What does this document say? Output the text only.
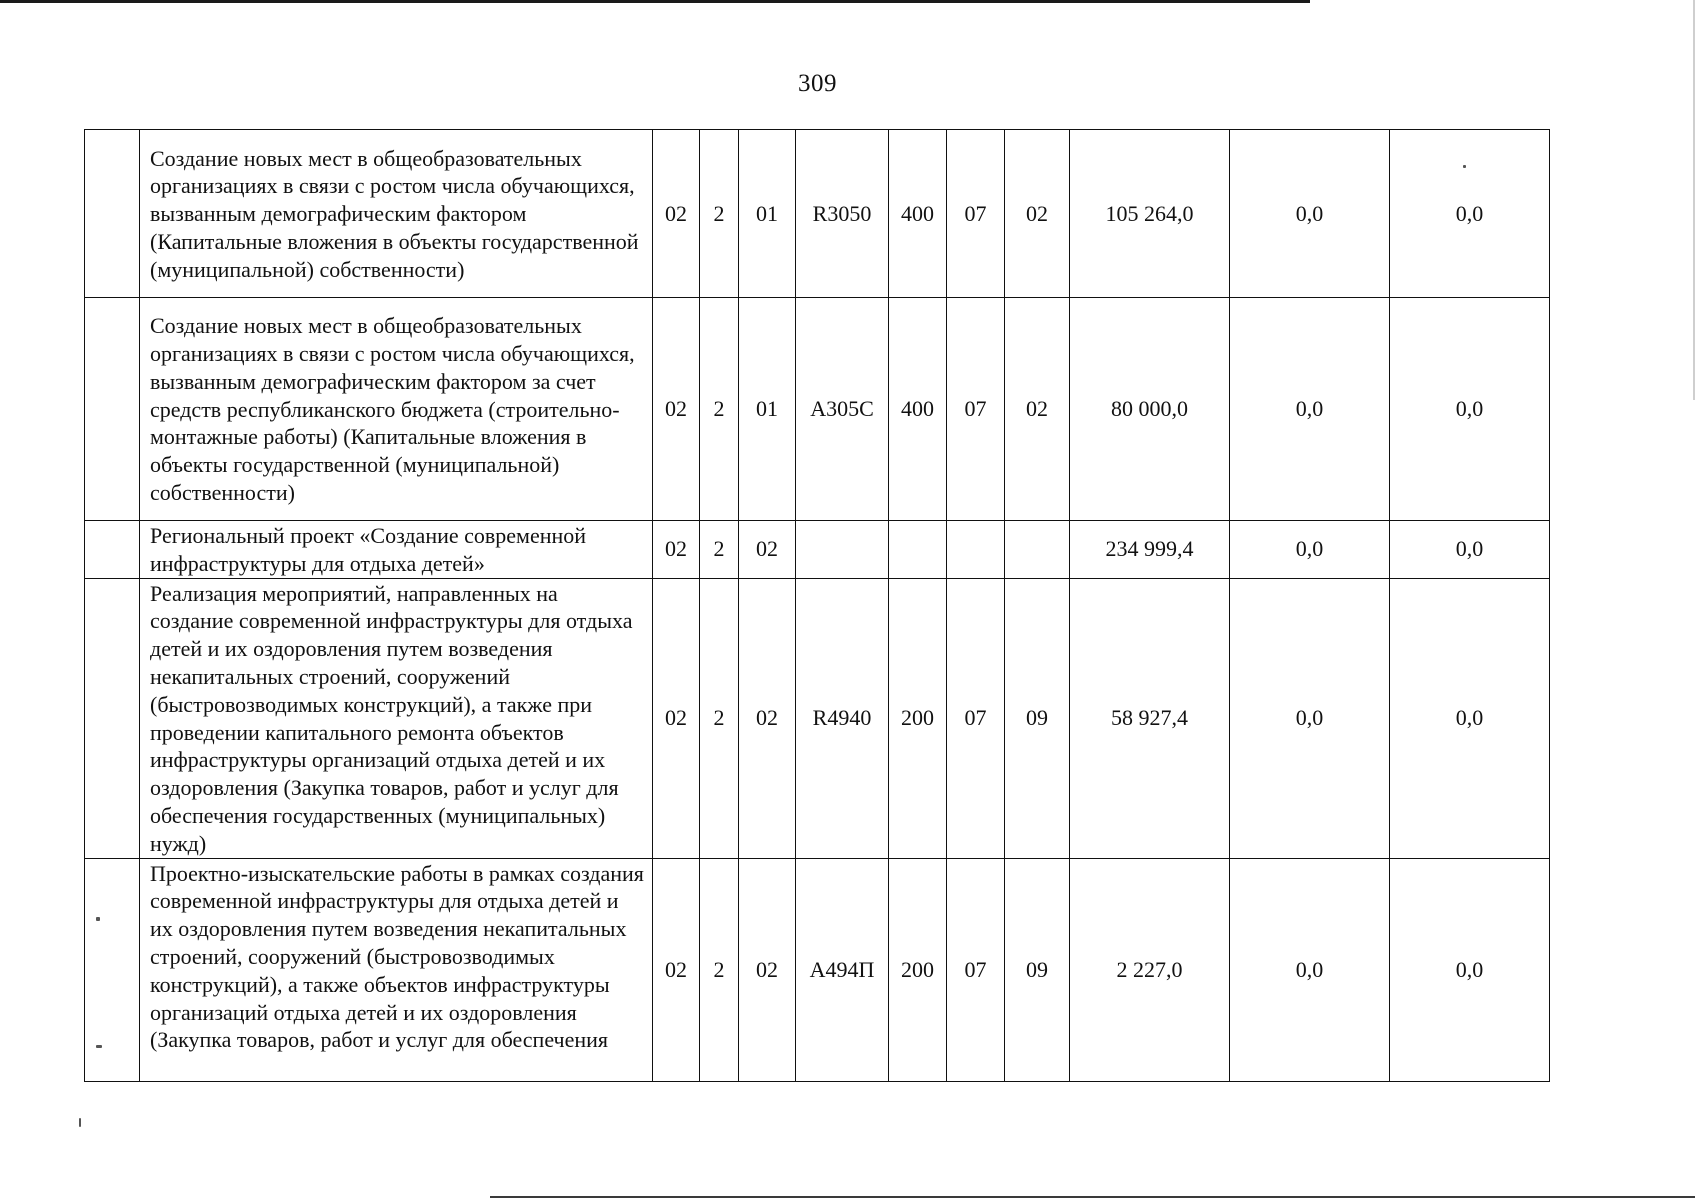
309
	Создание новых мест в общеобразовательных организациях в связи с ростом числа обучающихся, вызванным демографическим фактором (Капитальные вложения в объекты государственной (муниципальной) собственности)	02	2	01	R3050	400	07	02	105 264,0	0,0	0,0
	Создание новых мест в общеобразовательных организациях в связи с ростом числа обучающихся, вызванным демографическим фактором за счет средств республиканского бюджета (строительно-монтажные работы) (Капитальные вложения в объекты государственной (муниципальной) собственности)	02	2	01	А305С	400	07	02	80 000,0	0,0	0,0
	Региональный проект «Создание современной инфраструктуры для отдыха детей»	02	2	02					234 999,4	0,0	0,0
	Реализация мероприятий, направленных на создание современной инфраструктуры для отдыха детей и их оздоровления путем возведения некапитальных строений, сооружений (быстровозводимых конструкций), а также при проведении капитального ремонта объектов инфраструктуры организаций отдыха детей и их оздоровления (Закупка товаров, работ и услуг для обеспечения государственных (муниципальных) нужд)	02	2	02	R4940	200	07	09	58 927,4	0,0	0,0

	Проектно-изыскательские работы в рамках создания современной инфраструктуры для отдыха детей и их оздоровления путем возведения некапитальных строений, сооружений (быстровозводимых конструкций), а также объектов инфраструктуры организаций отдыха детей и их оздоровления (Закупка товаров, работ и услуг для обеспечения	02	2	02	А494П	200	07	09	2 227,0	0,0	0,0
